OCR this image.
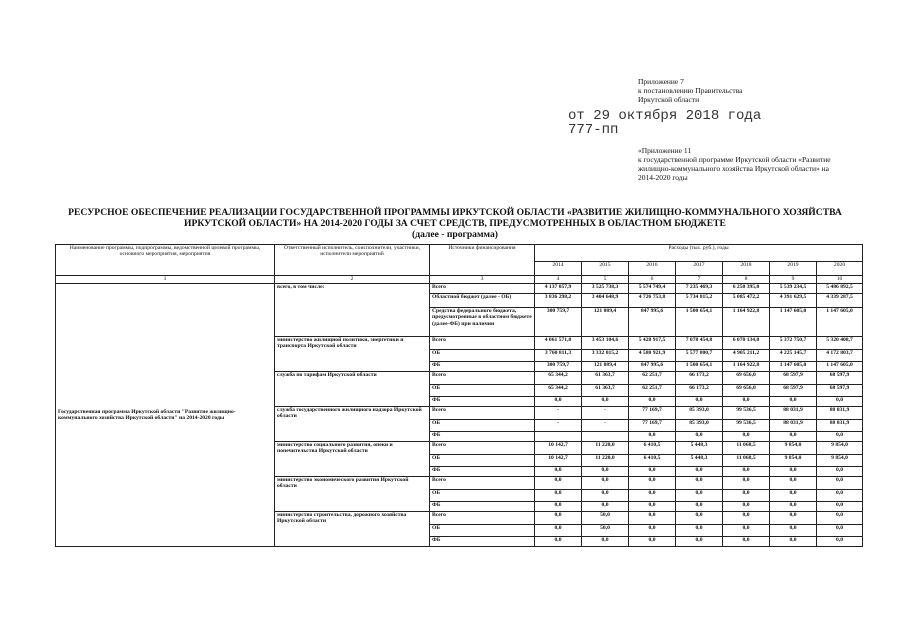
Приложение 7
к постановлению Правительства
Иркутской области
от 29 октября 2018 года
777-пп
«Приложение 11
к государственной программе Иркутской области «Развитие
жилищно-коммунального хозяйства Иркутской области» на
2014-2020 годы
РЕСУРСНОЕ ОБЕСПЕЧЕНИЕ РЕАЛИЗАЦИИ ГОСУДАРСТВЕННОЙ ПРОГРАММЫ ИРКУТСКОЙ ОБЛАСТИ «РАЗВИТИЕ ЖИЛИЩНО-КОММУНАЛЬНОГО ХОЗЯЙСТВА
ИРКУТСКОЙ ОБЛАСТИ» НА 2014-2020 ГОДЫ ЗА СЧЕТ СРЕДСТВ, ПРЕДУСМОТРЕННЫХ В ОБЛАСТНОМ БЮДЖЕТЕ
(далее - программа)
Наименование программы, подпрограммы, ведомственной целевой программы, основного мероприятия, мероприятия	Ответственный исполнитель, соисполнители, участники, исполнители мероприятий	Источники финансирования	Расходы (тыс. руб.), годы						
			2014	2015	2016	2017	2018	2019	2020
1	2	3	4	5	6	7	8	9	10
Государственная программа Иркутской области "Развитие жилищно-коммунального хозяйства Иркутской области" на 2014-2020 годы	всего, в том числе:	Всего	4 137 057,9	3 525 738,3	5 574 749,4	7 235 469,3	6 250 395,0	5 539 234,5	5 486 892,5
		Областной бюджет (далее - ОБ)	3 836 298,2	3 404 648,9	4 726 753,8	5 734 815,2	5 085 472,2	4 391 629,5	4 339 287,5
		Средства федерального бюджета, предусмотренные в областном бюджете (далее-ФБ) при наличии	300 759,7	121 089,4	847 995,6	1 500 654,1	1 164 922,8	1 147 605,0	1 147 605,0
	министерство жилищной политики, энергетики и транспорта Иркутской области	Всего	4 061 571,0	3 453 104,6	5 428 917,5	7 078 454,8	6 070 134,0	5 372 750,7	5 320 408,7
		ОБ	3 760 811,3	3 332 015,2	4 580 921,9	5 577 800,7	4 905 211,2	4 225 145,7	4 172 803,7
		ФБ	300 759,7	121 089,4	847 995,6	1 500 654,1	1 164 922,8	1 147 605,0	1 147 605,0
	служба по тарифам Иркутской области	Всего	65 344,2	61 363,7	62 251,7	66 173,2	69 656,0	68 597,9	68 597,9
		ОБ	65 344,2	61 363,7	62 251,7	66 173,2	69 656,0	68 597,9	68 597,9
		ФБ	0,0	0,0	0,0	0,0	0,0	0,0	0,0
	служба государственного жилищного надзора Иркутской области	Всего	-	-	77 169,7	85 393,0	99 536,5	88 031,9	88 031,9
		ОБ	-	-	77 169,7	85 393,0	99 536,5	88 031,9	88 031,9
		ФБ			0,0	0,0	0,0	0,0	0,0
	министерство социального развития, опеки и попечительства Иркутской области	Всего	10 142,7	11 220,0	6 410,5	5 448,3	11 068,5	9 854,0	9 854,0
		ОБ	10 142,7	11 220,0	6 410,5	5 448,3	11 068,5	9 854,0	9 854,0
		ФБ	0,0	0,0	0,0	0,0	0,0	0,0	0,0
	министерство экономического развития Иркутской области	Всего	0,0	0,0	0,0	0,0	0,0	0,0	0,0
		ОБ	0,0	0,0	0,0	0,0	0,0	0,0	0,0
		ФБ	0,0	0,0	0,0	0,0	0,0	0,0	0,0
	министерство строительства, дорожного хозяйства Иркутской области	Всего	0,0	50,0	0,0	0,0	0,0	0,0	0,0
		ОБ	0,0	50,0	0,0	0,0	0,0	0,0	0,0
		ФБ	0,0	0,0	0,0	0,0	0,0	0,0	0,0
